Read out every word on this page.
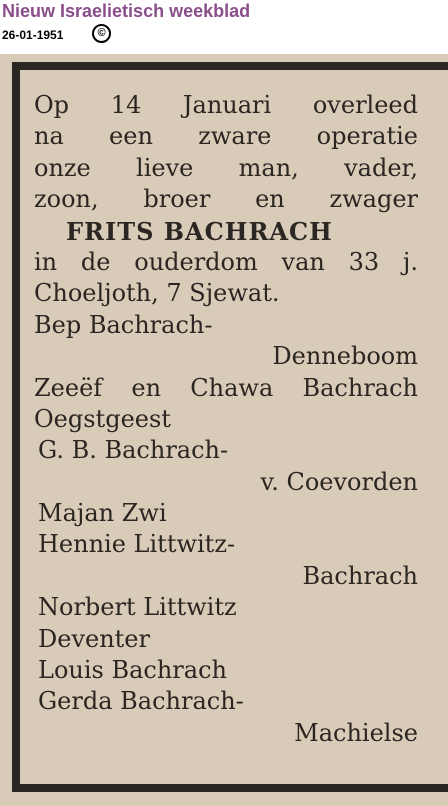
Nieuw Israelietisch weekblad
26-01-1951	©
Op 14 Januari overleed
na een zware operatie
onze lieve man, vader,
zoon, broer en zwager
FRITS BACHRACH
in de ouderdom van 33 j.
Choeljoth, 7 Sjewat.
Bep Bachrach-
Denneboom
Zeeëf en Chawa Bachrach
Oegstgeest
G. B. Bachrach-
v. Coevorden
Majan Zwi
Hennie Littwitz-
Bachrach
Norbert Littwitz
Deventer
Louis Bachrach
Gerda Bachrach-
Machielse
